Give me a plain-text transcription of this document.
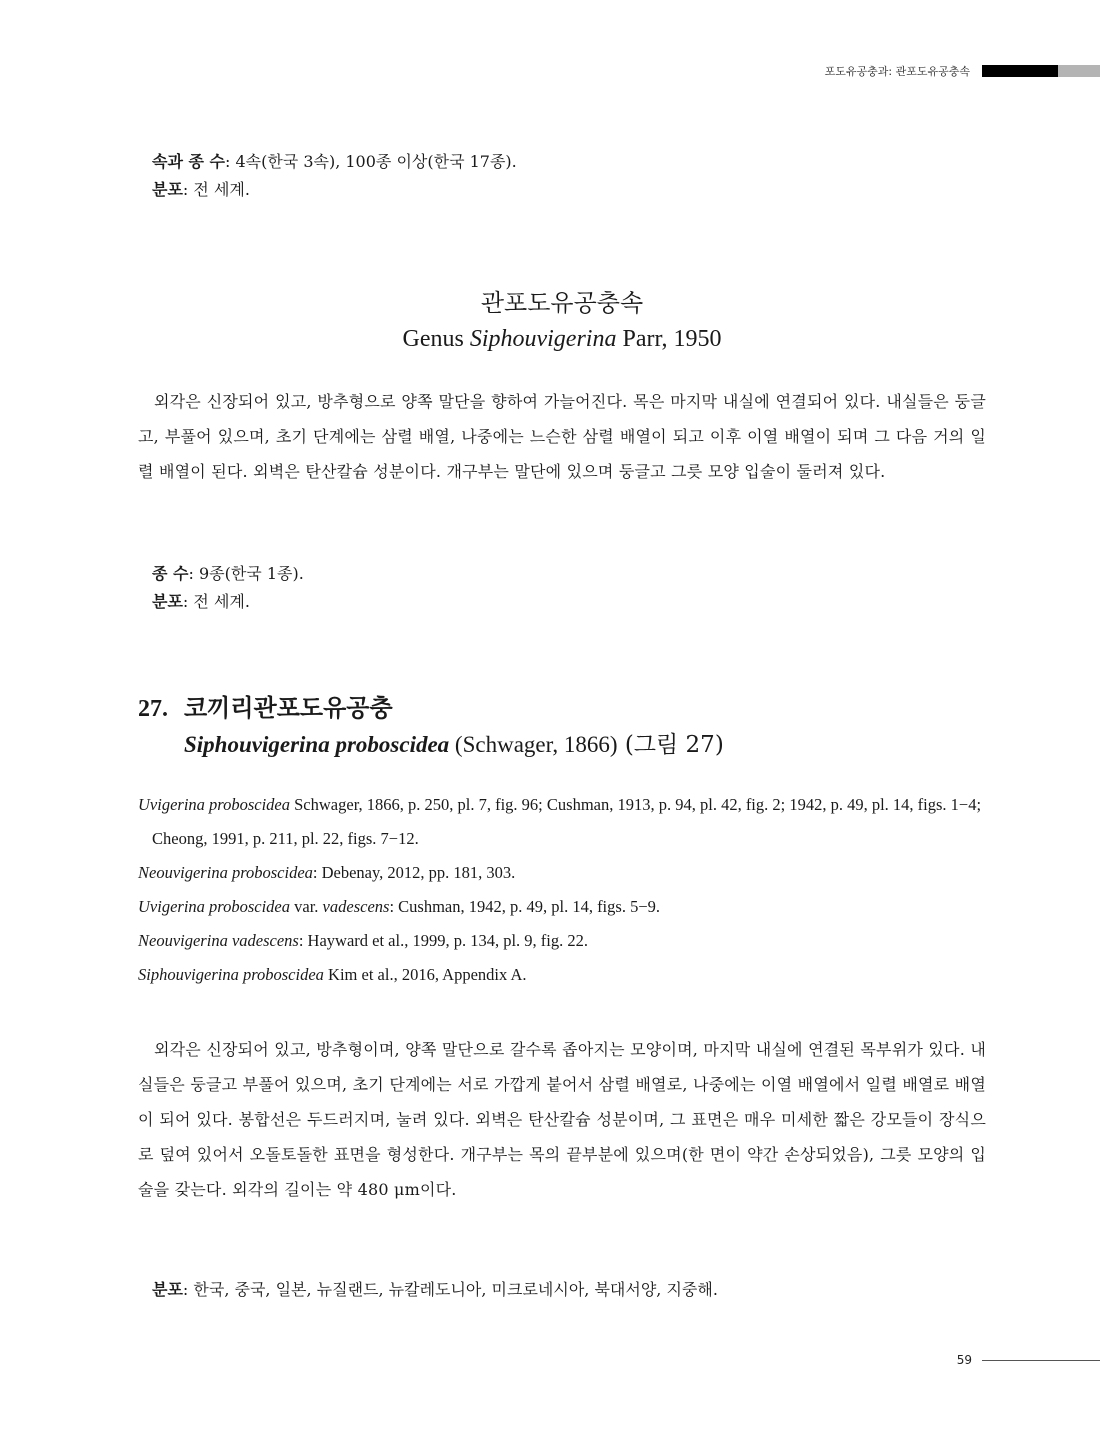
포도유공충과: 관포도유공충속
속과 종 수: 4속(한국 3속), 100종 이상(한국 17종).
분포: 전 세계.
관포도유공충속
Genus Siphouvigerina Parr, 1950

외각은 신장되어 있고, 방추형으로 양쪽 말단을 향하여 가늘어진다. 목은 마지막 내실에 연결되어 있다. 내실들은 둥글고, 부풀어 있으며, 초기 단계에는 삼렬 배열, 나중에는 느슨한 삼렬 배열이 되고 이후 이열 배열이 되며 그 다음 거의 일렬 배열이 된다. 외벽은 탄산칼슘 성분이다. 개구부는 말단에 있으며 둥글고 그릇 모양 입술이 둘러져 있다.

종 수: 9종(한국 1종).
분포: 전 세계.
27. 코끼리관포도유공충
Siphouvigerina proboscidea (Schwager, 1866) (그림 27)

Uvigerina proboscidea Schwager, 1866, p. 250, pl. 7, fig. 96; Cushman, 1913, p. 94, pl. 42, fig. 2; 1942, p. 49, pl. 14, figs. 1−4; Cheong, 1991, p. 211, pl. 22, figs. 7−12.

Neouvigerina proboscidea: Debenay, 2012, pp. 181, 303.

Uvigerina proboscidea var. vadescens: Cushman, 1942, p. 49, pl. 14, figs. 5−9.

Neouvigerina vadescens: Hayward et al., 1999, p. 134, pl. 9, fig. 22.

Siphouvigerina proboscidea Kim et al., 2016, Appendix A.

외각은 신장되어 있고, 방추형이며, 양쪽 말단으로 갈수록 좁아지는 모양이며, 마지막 내실에 연결된 목부위가 있다. 내실들은 둥글고 부풀어 있으며, 초기 단계에는 서로 가깝게 붙어서 삼렬 배열로, 나중에는 이열 배열에서 일렬 배열로 배열이 되어 있다. 봉합선은 두드러지며, 눌려 있다. 외벽은 탄산칼슘 성분이며, 그 표면은 매우 미세한 짧은 강모들이 장식으로 덮여 있어서 오돌토돌한 표면을 형성한다. 개구부는 목의 끝부분에 있으며(한 면이 약간 손상되었음), 그릇 모양의 입술을 갖는다. 외각의 길이는 약 480 μm이다.

분포: 한국, 중국, 일본, 뉴질랜드, 뉴칼레도니아, 미크로네시아, 북대서양, 지중해.
59
